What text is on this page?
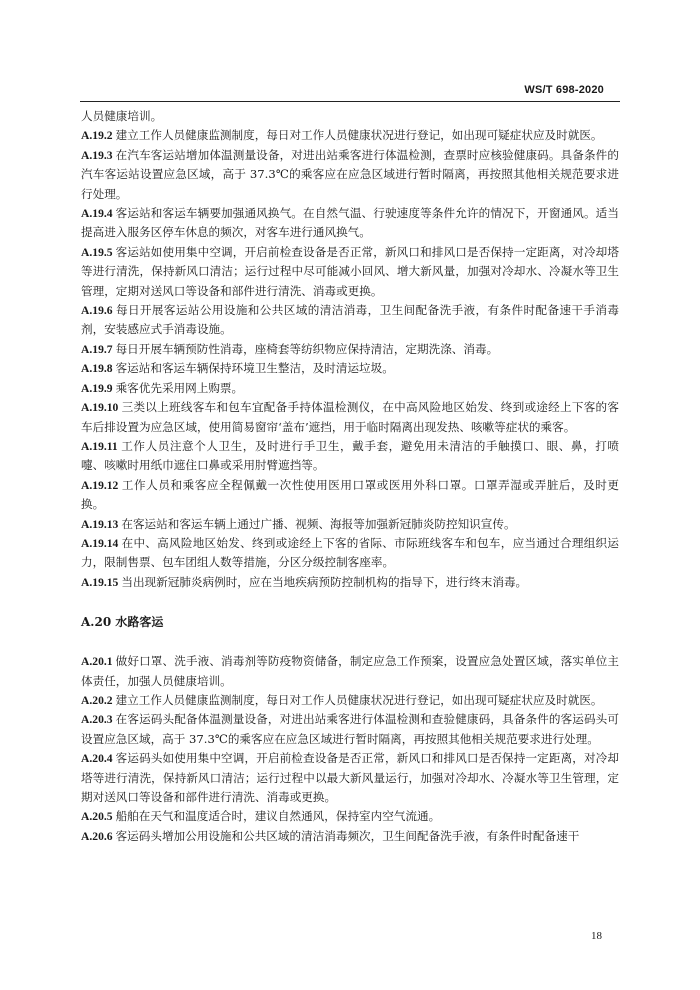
WS/T 698-2020

人员健康培训。

A.19.2 建立工作人员健康监测制度，每日对工作人员健康状况进行登记，如出现可疑症状应及时就医。

A.19.3 在汽车客运站增加体温测量设备，对进出站乘客进行体温检测，查票时应核验健康码。具备条件的汽车客运站设置应急区域，高于 37.3℃的乘客应在应急区域进行暂时隔离，再按照其他相关规范要求进行处理。

A.19.4 客运站和客运车辆要加强通风换气。在自然气温、行驶速度等条件允许的情况下，开窗通风。适当提高进入服务区停车休息的频次，对客车进行通风换气。

A.19.5 客运站如使用集中空调，开启前检查设备是否正常，新风口和排风口是否保持一定距离，对冷却塔等进行清洗，保持新风口清洁；运行过程中尽可能减小回风、增大新风量，加强对冷却水、冷凝水等卫生管理，定期对送风口等设备和部件进行清洗、消毒或更换。

A.19.6 每日开展客运站公用设施和公共区域的清洁消毒，卫生间配备洗手液，有条件时配备速干手消毒剂，安装感应式手消毒设施。

A.19.7 每日开展车辆预防性消毒，座椅套等纺织物应保持清洁，定期洗涤、消毒。

A.19.8 客运站和客运车辆保持环境卫生整洁，及时清运垃圾。

A.19.9 乘客优先采用网上购票。

A.19.10 三类以上班线客车和包车宜配备手持体温检测仪，在中高风险地区始发、终到或途经上下客的客车后排设置为应急区域，使用简易窗帘‘盖布’遮挡，用于临时隔离出现发热、咳嗽等症状的乘客。

A.19.11 工作人员注意个人卫生，及时进行手卫生，戴手套，避免用未清洁的手触摸口、眼、鼻，打喷嚏、咳嗽时用纸巾遮住口鼻或采用肘臂遮挡等。

A.19.12 工作人员和乘客应全程佩戴一次性使用医用口罩或医用外科口罩。口罩弄湿或弄脏后，及时更换。

A.19.13 在客运站和客运车辆上通过广播、视频、海报等加强新冠肺炎防控知识宣传。

A.19.14 在中、高风险地区始发、终到或途经上下客的省际、市际班线客车和包车，应当通过合理组织运力，限制售票、包车团组人数等措施，分区分级控制客座率。

A.19.15 当出现新冠肺炎病例时，应在当地疾病预防控制机构的指导下，进行终末消毒。

A.20 水路客运

A.20.1 做好口罩、洗手液、消毒剂等防疫物资储备，制定应急工作预案，设置应急处置区域，落实单位主体责任，加强人员健康培训。

A.20.2 建立工作人员健康监测制度，每日对工作人员健康状况进行登记，如出现可疑症状应及时就医。

A.20.3 在客运码头配备体温测量设备，对进出站乘客进行体温检测和查验健康码，具备条件的客运码头可设置应急区域，高于 37.3℃的乘客应在应急区域进行暂时隔离，再按照其他相关规范要求进行处理。

A.20.4 客运码头如使用集中空调，开启前检查设备是否正常，新风口和排风口是否保持一定距离，对冷却塔等进行清洗，保持新风口清洁；运行过程中以最大新风量运行，加强对冷却水、冷凝水等卫生管理，定期对送风口等设备和部件进行清洗、消毒或更换。

A.20.5 船舶在天气和温度适合时，建议自然通风，保持室内空气流通。

A.20.6 客运码头增加公用设施和公共区域的清洁消毒频次，卫生间配备洗手液，有条件时配备速干

18
